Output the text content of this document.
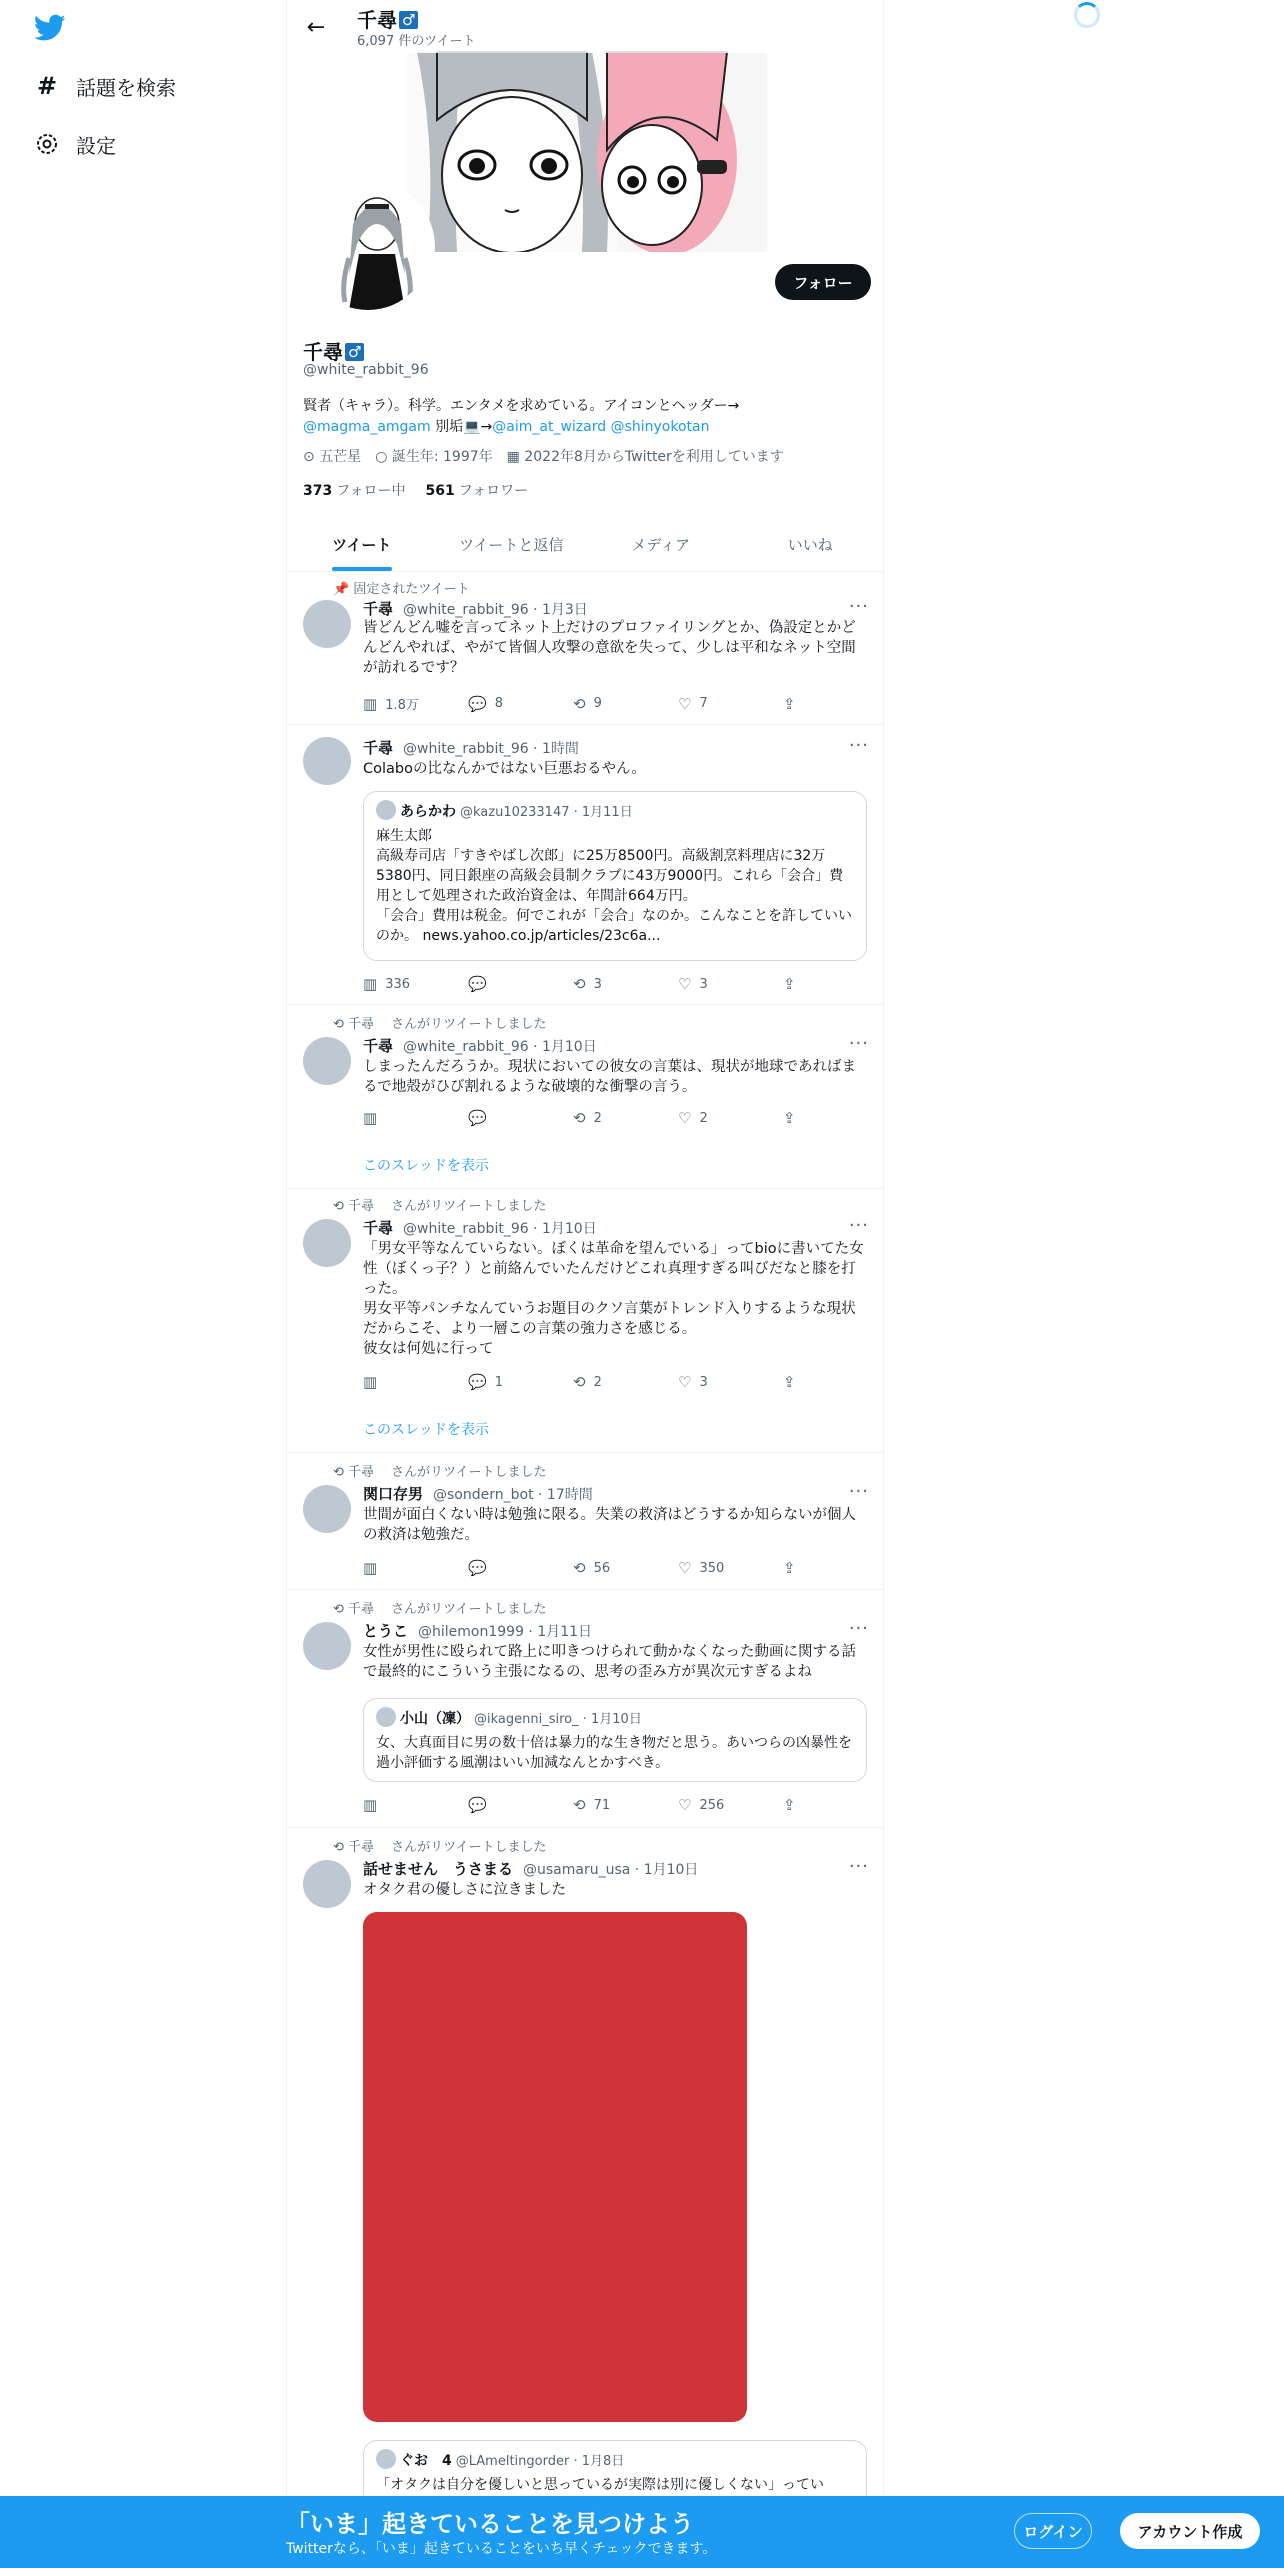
# 話題を検索
設定
←	千尋 ♂
6,097 件のツイート
フォロー
千尋 ♂
@white_rabbit_96
賢者（キャラ）。科学。エンタメを求めている。アイコンとヘッダー→
@magma_amgam 別垢💻→@aim_at_wizard @shinyokotan
⊙ 五芒星 ○ 誕生年: 1997年 ▦ 2022年8月からTwitterを利用しています
373 フォロー中 561 フォロワー
ツイート	ツイートと返信	メディア	いいね
📌 固定されたツイート
千尋 @white_rabbit_96 · 1月3日	···
皆どんどん嘘を言ってネット上だけのプロファイリングとか、偽設定とかどんどんやれば、やがて皆個人攻撃の意欲を失って、少しは平和なネット空間が訪れるです？
▥ 1.8万	💬 8	⟲ 9	♡ 7	⇪
千尋 @white_rabbit_96 · 1時間	···
Colaboの比なんかではない巨悪おるやん。
あらかわ @kazu10233147 · 1月11日
麻生太郎
高級寿司店「すきやばし次郎」に25万8500円。高級割烹料理店に32万5380円、同日銀座の高級会員制クラブに43万9000円。これら「会合」費用として処理された政治資金は、年間計664万円。
「会合」費用は税金。何でこれが「会合」なのか。こんなことを許していいのか。 news.yahoo.co.jp/articles/23c6a...
▥ 336	💬	⟲ 3	♡ 3	⇪
⟲ 千尋　 さんがリツイートしました
千尋 @white_rabbit_96 · 1月10日	···
しまったんだろうか。現状においての彼女の言葉は、現状が地球であればまるで地殻がひび割れるような破壊的な衝撃の言う。
▥	💬	⟲ 2	♡ 2	⇪
このスレッドを表示
⟲ 千尋　 さんがリツイートしました
千尋 @white_rabbit_96 · 1月10日	···
「男女平等なんていらない。ぼくは革命を望んでいる」ってbioに書いてた女性（ぼくっ子？）と前絡んでいたんだけどこれ真理すぎる叫びだなと膝を打った。
男女平等パンチなんていうお題目のクソ言葉がトレンド入りするような現状だからこそ、より一層この言葉の強力さを感じる。
彼女は何処に行って
▥	💬 1	⟲ 2	♡ 3	⇪
このスレッドを表示
⟲ 千尋　 さんがリツイートしました
関口存男 @sondern_bot · 17時間	···
世間が面白くない時は勉強に限る。失業の救済はどうするか知らないが個人の救済は勉強だ。
▥	💬	⟲ 56	♡ 350	⇪
⟲ 千尋　 さんがリツイートしました
とうこ @hilemon1999 · 1月11日	···
女性が男性に殴られて路上に叩きつけられて動かなくなった動画に関する話で最終的にこういう主張になるの、思考の歪み方が異次元すぎるよね
小山（凜） @ikagenni_siro_ · 1月10日
女、大真面目に男の数十倍は暴力的な生き物だと思う。あいつらの凶暴性を過小評価する風潮はいい加減なんとかすべき。
▥	💬	⟲ 71	♡ 256	⇪
⟲ 千尋　 さんがリツイートしました
話せません　うさまる @usamaru_usa · 1月10日	···
オタク君の優しさに泣きました
ぐお　4 @LAmeltingorder · 1月8日
「オタクは自分を優しいと思っているが実際は別に優しくない」ってい
「いま」起きていることを見つけよう
Twitterなら、「いま」起きていることをいち早くチェックできます。
ログイン	アカウント作成
